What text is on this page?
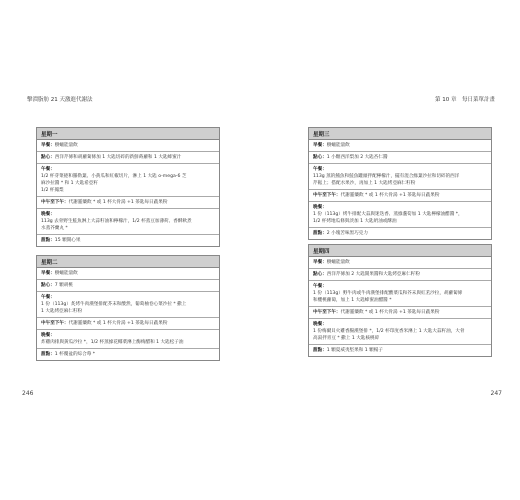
擊潰脂肪 21 天激進代謝法
星期一
早餐：樹蠟能量飲
點心：西洋芹條和胡蘿蔔條加 1 大匙切碎的新鮮蒔蘿和 1 大匙蜂蜜汁
午餐：
1/2 杯芽菜捲和羅勒葉、小黃瓜和紅椒切片，淋上 1 大匙 o-mega-6 芝
麻沙拉醬 * 和 1 大匙希亞籽
1/2 杯鳳梨
中午至下午：代謝靈藥飲 * 或 1 杯大骨湯 +1 茶匙每日蔬果粉
晚餐：
113g 去骨野生鮭魚淋上大蒜籽油和檸檬汁，1/2 杯蒸豆加薄荷、香酥軟煮
水蒸芥蘭丸 *
甜點：15 顆開心果
星期二
早餐：樹蠟能量飲
點心：7 顆胡桃
午餐：
1 份（113g）炙烤牛肉漢堡排配芥末和酸然，葡萄柚卷心菜沙拉 * 撒上
1 大匙烤亞麻仁籽粉
中午至下午：代謝靈藥飲 * 或 1 杯大骨湯 +1 茶匙每日蔬果粉
晚餐：
炸雞肉排與黃瓜沙拉 *，1/2 杯蒸綠花椰菜淋上酶梅醋和 1 大匙松子油
甜點：1 杯覆盆的綜合莓 *
246
第 10 章　每日菜單計畫
星期三
早餐：樹蠟能量飲
點心：1 小顆西洋梨加 2 大匙杏仁醬
午餐：
113g 蒸的鮪魚和鮭魚罐頭拌配檸檬汁，擺有混合綠葉沙拉和切碎的西洋
芹鬆上；搭配水果沙，再加上 1 大匙烤亞麻仁籽粉
中午至下午：代謝靈藥飲 * 或 1 杯大骨湯 +1 茶匙每日蔬果粉
晚餐：
1 份（113g）烤牛排配大蒜與迷迭香、蒸綠蘆筍加 1 大匙檸檬油醋醬 *，
1/2 杯烤地瓜條與淡加 1 大匙奶油或酥油
甜點：2 小塊苦味黑巧克力
星期四
早餐：樹蠟能量飲
點心：西洋芹條加 2 大匙開果醬和大匙烤亞麻仁籽粉
午餐：
1 份（113g）野牛肉或牛肉漢堡排配酸菜瓜和芥末與紅苤沙拉，胡蘿蔔條
和櫻桃蘿蔔，加上 1 大匙蜂蜜油醋醬 *
中午至下午：代謝靈藥飲 * 或 1 杯大骨湯 +1 茶匙每日蔬果粉
晚餐：
1 份梅爾貝火雞香腸漢堡排 *，1/2 杯印度香米淋上 1 大匙大蒜籽油，大骨
高湯拌青豆 * 撒上 1 大匙核桃碎
甜點：1 顆夏威夷堅果和 1 顆楊子
247
